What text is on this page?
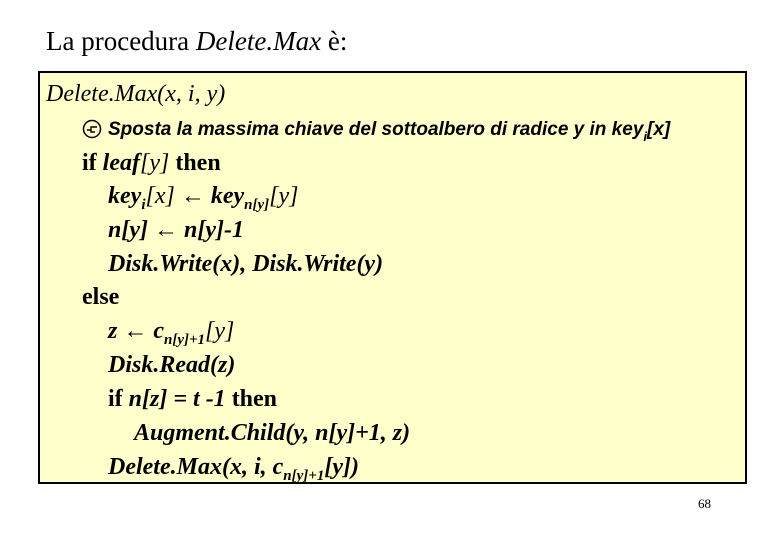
La procedura Delete.Max è:
Delete.Max(x, i, y)
Sposta la massima chiave del sottoalbero di radice y in key$_i$[x]
if leaf[y] then
key$_i$[x] ← key$_{n[y]}$[y]
n[y] ← n[y]-1
Disk.Write(x), Disk.Write(y)
else
z ← $c_{n[y]+1}[y]$
Disk.Read(z)
if n[z] = t -1 then
Augment.Child(y, n[y]+1, z)
Delete.Max(x, i, $c_{n[y]+1}[y]$)
68
